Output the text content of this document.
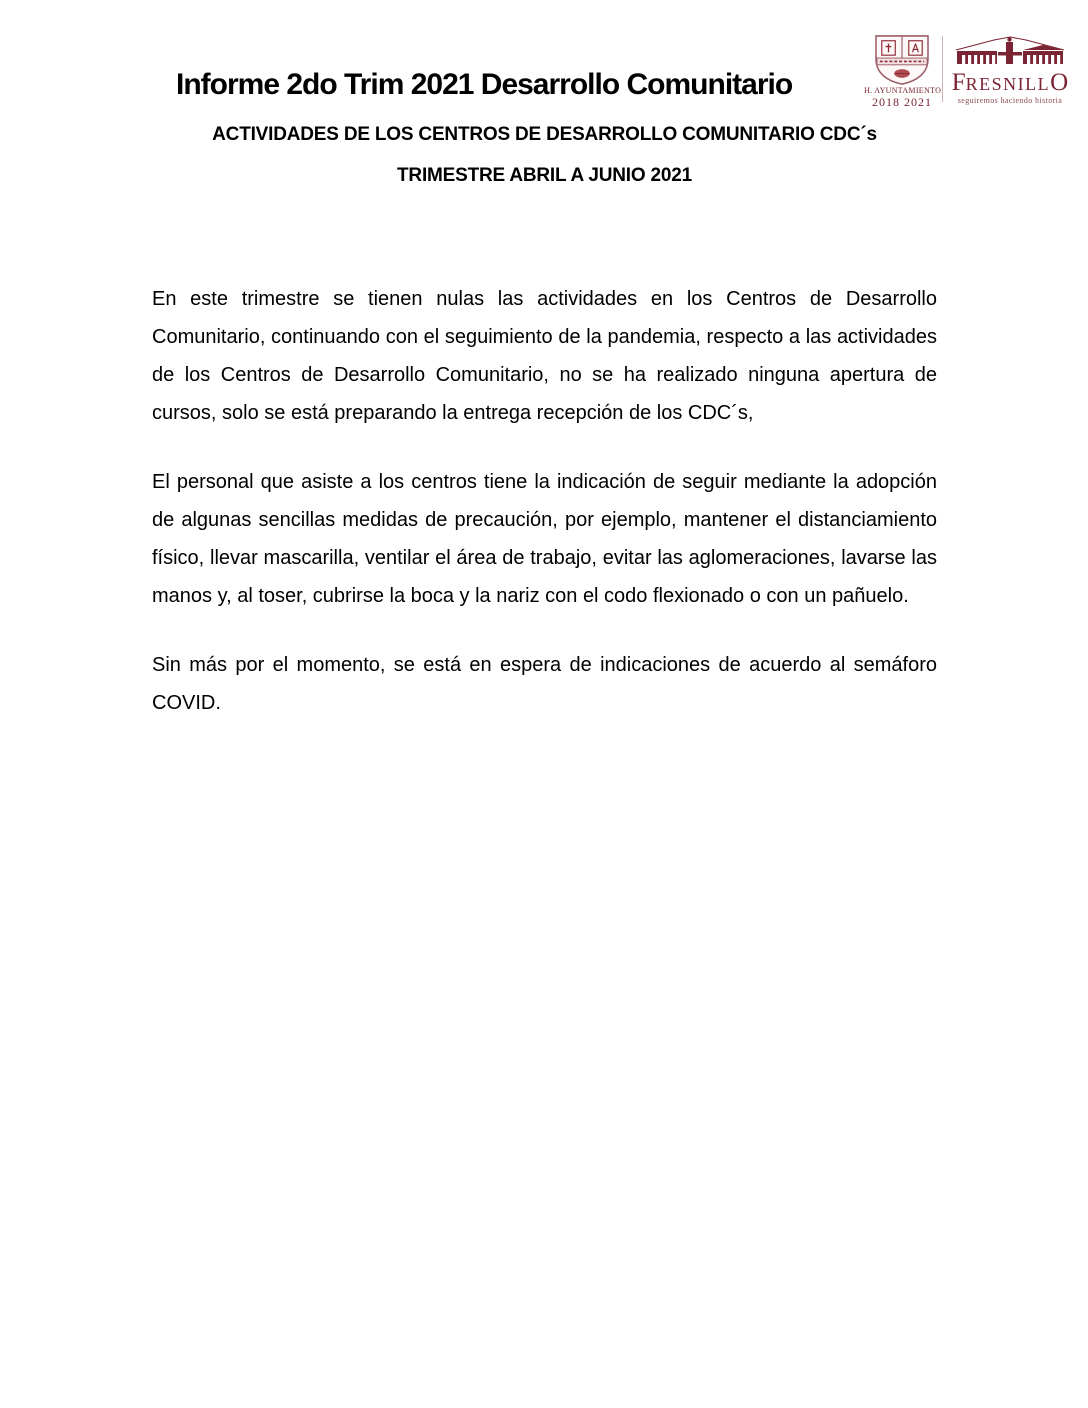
Informe 2do Trim 2021 Desarrollo Comunitario	H. AYUNTAMIENTO
2018 2021
FRESNILLO
seguiremos haciendo historia
ACTIVIDADES DE LOS CENTROS DE DESARROLLO COMUNITARIO CDC´s
TRIMESTRE ABRIL A JUNIO 2021

En este trimestre se tienen nulas las actividades en los Centros de Desarrollo Comunitario, continuando con el seguimiento de la pandemia, respecto a las actividades de los Centros de Desarrollo Comunitario, no se ha realizado ninguna apertura de cursos, solo se está preparando la entrega recepción de los CDC´s,

El personal que asiste a los centros tiene la indicación de seguir mediante la adopción de algunas sencillas medidas de precaución, por ejemplo, mantener el distanciamiento físico, llevar mascarilla, ventilar el área de trabajo, evitar las aglomeraciones, lavarse las manos y, al toser, cubrirse la boca y la nariz con el codo flexionado o con un pañuelo.

Sin más por el momento, se está en espera de indicaciones de acuerdo al semáforo COVID.
